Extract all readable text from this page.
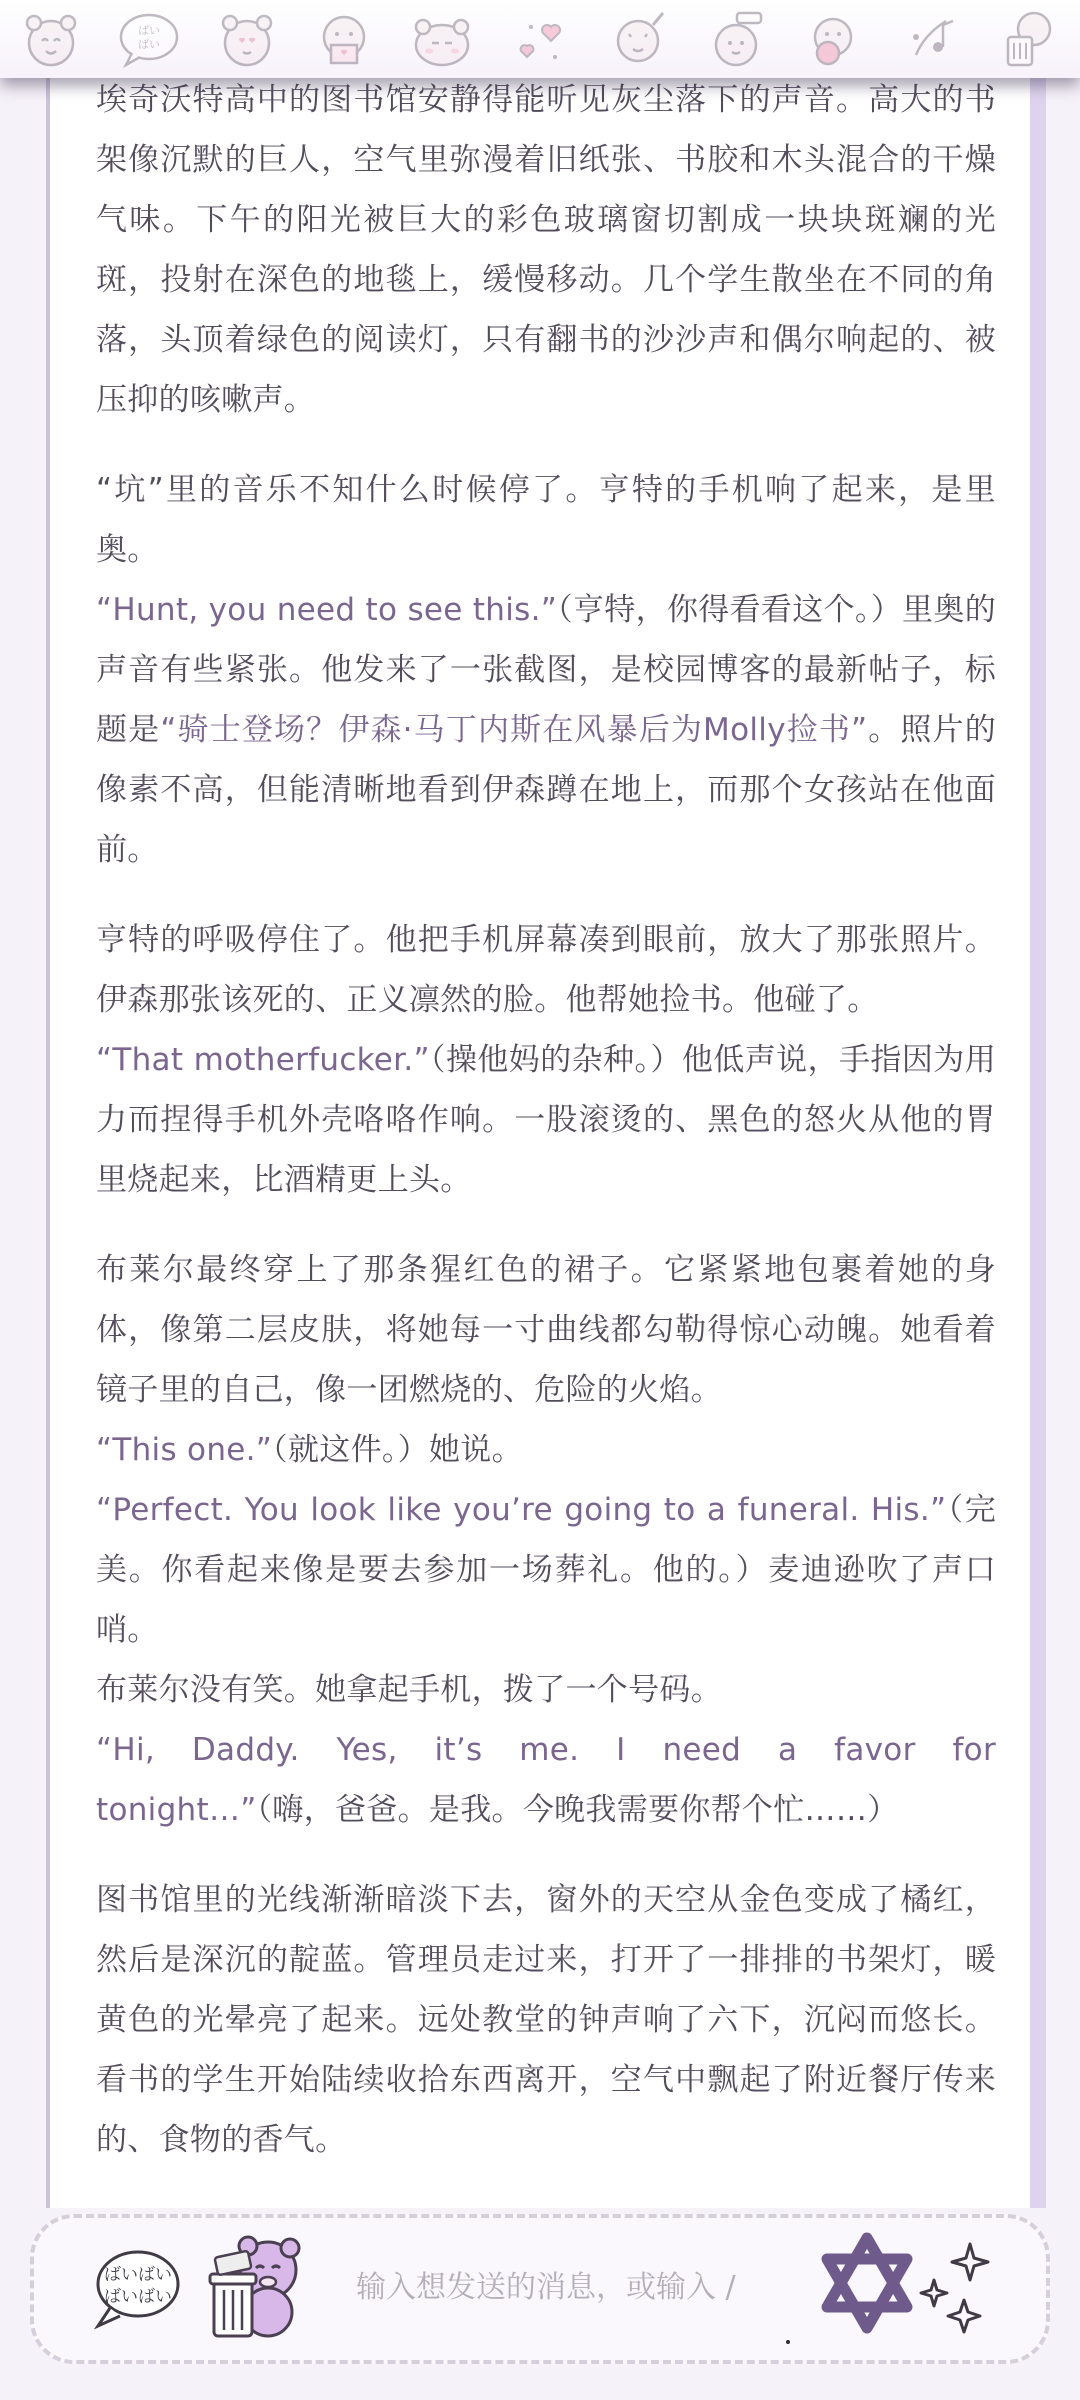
ばい
ばい

埃奇沃特高中的图书馆安静得能听见灰尘落下的声音。高大的书架像沉默的巨人，空气里弥漫着旧纸张、书胶和木头混合的干燥气味。下午的阳光被巨大的彩色玻璃窗切割成一块块斑斓的光斑，投射在深色的地毯上，缓慢移动。几个学生散坐在不同的角落，头顶着绿色的阅读灯，只有翻书的沙沙声和偶尔响起的、被压抑的咳嗽声。

“坑”里的音乐不知什么时候停了。亨特的手机响了起来，是里奥。
“Hunt, you need to see this.”（亨特，你得看看这个。）里奥的声音有些紧张。他发来了一张截图，是校园博客的最新帖子，标题是“骑士登场？伊森·马丁内斯在风暴后为Molly捡书”。照片的像素不高，但能清晰地看到伊森蹲在地上，而那个女孩站在他面前。

亨特的呼吸停住了。他把手机屏幕凑到眼前，放大了那张照片。伊森那张该死的、正义凛然的脸。他帮她捡书。他碰了。
“That motherfucker.”（操他妈的杂种。）他低声说，手指因为用力而捏得手机外壳咯咯作响。一股滚烫的、黑色的怒火从他的胃里烧起来，比酒精更上头。

布莱尔最终穿上了那条猩红色的裙子。它紧紧地包裹着她的身体，像第二层皮肤，将她每一寸曲线都勾勒得惊心动魄。她看着镜子里的自己，像一团燃烧的、危险的火焰。
“This one.”（就这件。）她说。
“Perfect. You look like you’re going to a funeral. His.”（完美。你看起来像是要去参加一场葬礼。他的。）麦迪逊吹了声口哨。
布莱尔没有笑。她拿起手机，拨了一个号码。
“Hi, Daddy. Yes, it’s me. I need a favor for tonight…”（嗨，爸爸。是我。今晚我需要你帮个忙……）

图书馆里的光线渐渐暗淡下去，窗外的天空从金色变成了橘红，然后是深沉的靛蓝。管理员走过来，打开了一排排的书架灯，暖黄色的光晕亮了起来。远处教堂的钟声响了六下，沉闷而悠长。看书的学生开始陆续收拾东西离开，空气中飘起了附近餐厅传来的、食物的香气。

ばいばい
ばいばい
输入想发送的消息，或输入 /
